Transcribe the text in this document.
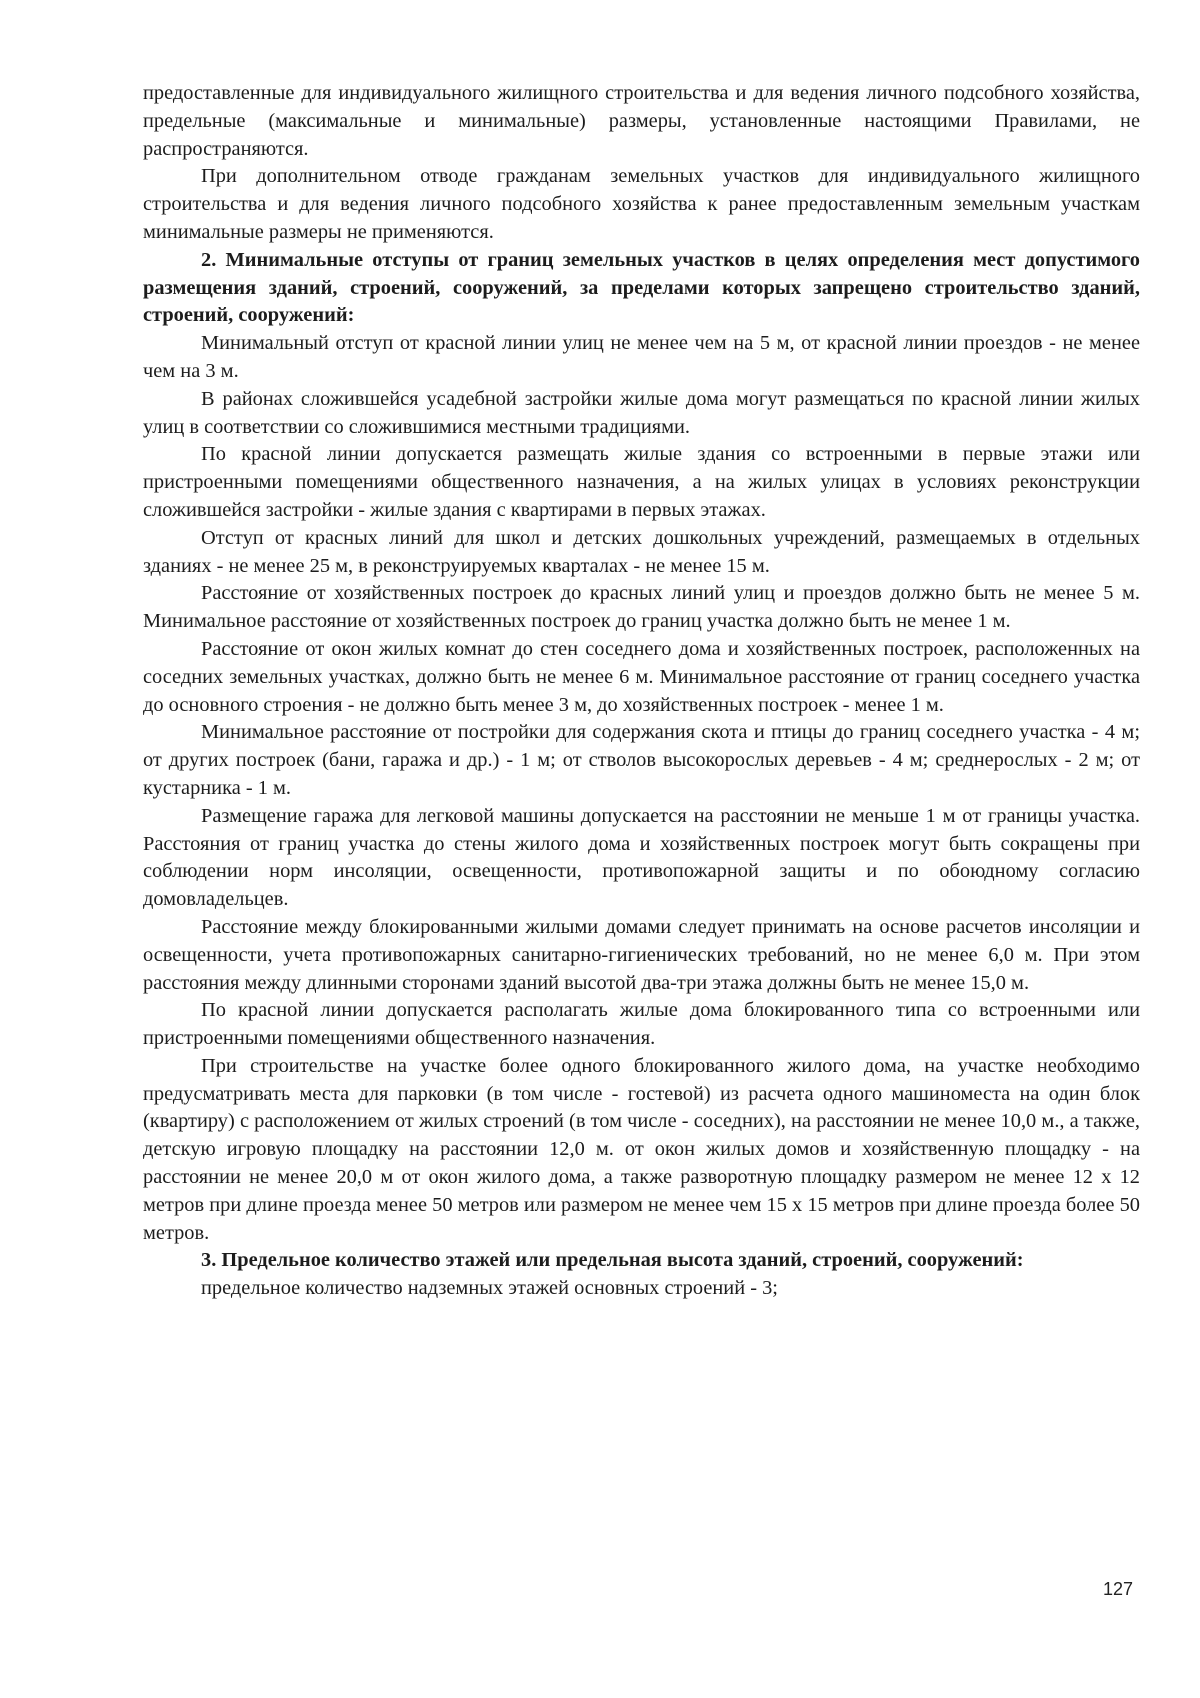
предоставленные для индивидуального жилищного строительства и для ведения личного подсобного хозяйства, предельные (максимальные и минимальные) размеры, установленные настоящими Правилами, не распространяются.

При дополнительном отводе гражданам земельных участков для индивидуального жилищного строительства и для ведения личного подсобного хозяйства к ранее предоставленным земельным участкам минимальные размеры не применяются.

2. Минимальные отступы от границ земельных участков в целях определения мест допустимого размещения зданий, строений, сооружений, за пределами которых запрещено строительство зданий, строений, сооружений:

Минимальный отступ от красной линии улиц не менее чем на 5 м, от красной линии проездов - не менее чем на 3 м.

В районах сложившейся усадебной застройки жилые дома могут размещаться по красной линии жилых улиц в соответствии со сложившимися местными традициями.

По красной линии допускается размещать жилые здания со встроенными в первые этажи или пристроенными помещениями общественного назначения, а на жилых улицах в условиях реконструкции сложившейся застройки - жилые здания с квартирами в первых этажах.

Отступ от красных линий для школ и детских дошкольных учреждений, размещаемых в отдельных зданиях - не менее 25 м, в реконструируемых кварталах - не менее 15 м.

Расстояние от хозяйственных построек до красных линий улиц и проездов должно быть не менее 5 м. Минимальное расстояние от хозяйственных построек до границ участка должно быть не менее 1 м.

Расстояние от окон жилых комнат до стен соседнего дома и хозяйственных построек, расположенных на соседних земельных участках, должно быть не менее 6 м. Минимальное расстояние от границ соседнего участка до основного строения - не должно быть менее 3 м, до хозяйственных построек - менее 1 м.

Минимальное расстояние от постройки для содержания скота и птицы до границ соседнего участка - 4 м; от других построек (бани, гаража и др.) - 1 м; от стволов высокорослых деревьев - 4 м; среднерослых - 2 м; от кустарника - 1 м.

Размещение гаража для легковой машины допускается на расстоянии не меньше 1 м от границы участка. Расстояния от границ участка до стены жилого дома и хозяйственных построек могут быть сокращены при соблюдении норм инсоляции, освещенности, противопожарной защиты и по обоюдному согласию домовладельцев.

Расстояние между блокированными жилыми домами следует принимать на основе расчетов инсоляции и освещенности, учета противопожарных санитарно-гигиенических требований, но не менее 6,0 м. При этом расстояния между длинными сторонами зданий высотой два-три этажа должны быть не менее 15,0 м.

По красной линии допускается располагать жилые дома блокированного типа со встроенными или пристроенными помещениями общественного назначения.

При строительстве на участке более одного блокированного жилого дома, на участке необходимо предусматривать места для парковки (в том числе - гостевой) из расчета одного машиноместа на один блок (квартиру) с расположением от жилых строений (в том числе - соседних), на расстоянии не менее 10,0 м., а также, детскую игровую площадку на расстоянии 12,0 м. от окон жилых домов и хозяйственную площадку - на расстоянии не менее 20,0 м от окон жилого дома, а также разворотную площадку размером не менее 12 х 12 метров при длине проезда менее 50 метров или размером не менее чем 15 х 15 метров при длине проезда более 50 метров.

3. Предельное количество этажей или предельная высота зданий, строений, сооружений:

предельное количество надземных этажей основных строений - 3;

127
